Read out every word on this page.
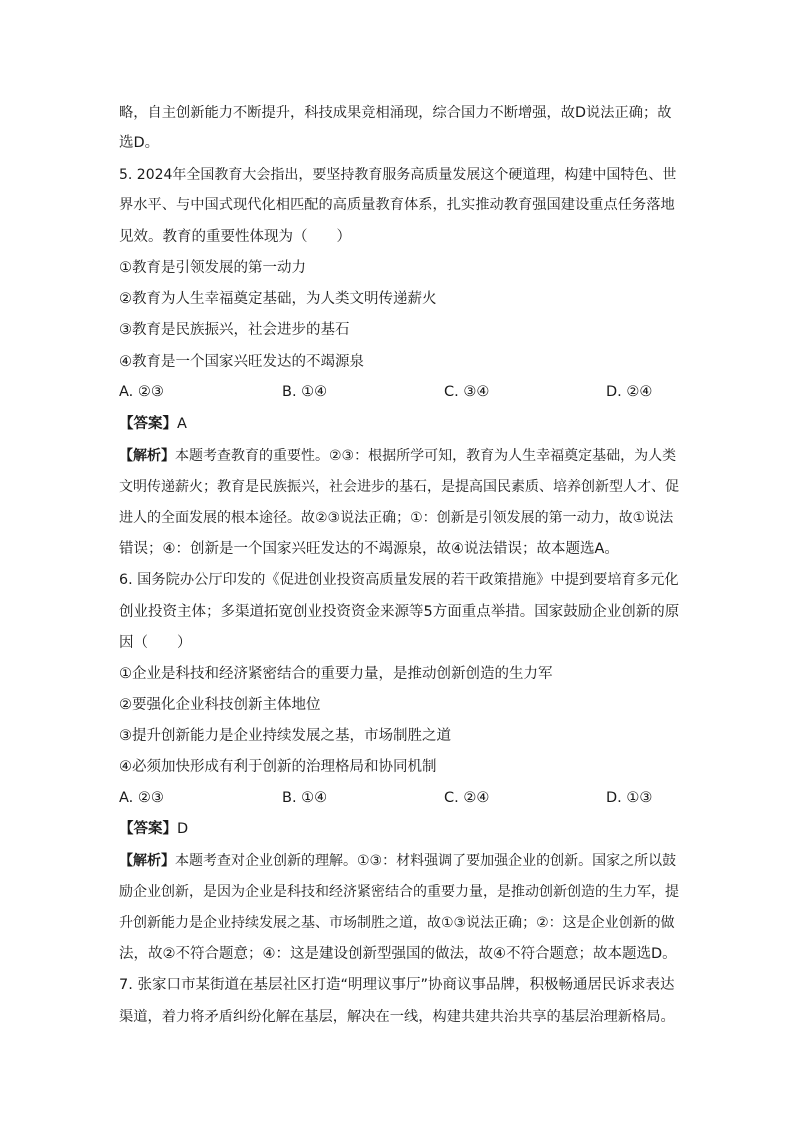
略，自主创新能力不断提升，科技成果竞相涌现，综合国力不断增强，故D说法正确；故
选D。
5. 2024年全国教育大会指出，要坚持教育服务高质量发展这个硬道理，构建中国特色、世
界水平、与中国式现代化相匹配的高质量教育体系，扎实推动教育强国建设重点任务落地
见效。教育的重要性体现为（　　）
①教育是引领发展的第一动力
②教育为人生幸福奠定基础，为人类文明传递薪火
③教育是民族振兴，社会进步的基石
④教育是一个国家兴旺发达的不竭源泉
A. ②③	B. ①④	C. ③④	D. ②④
【答案】A
【解析】本题考查教育的重要性。②③：根据所学可知，教育为人生幸福奠定基础，为人类
文明传递薪火；教育是民族振兴，社会进步的基石，是提高国民素质、培养创新型人才、促
进人的全面发展的根本途径。故②③说法正确；①：创新是引领发展的第一动力，故①说法
错误；④：创新是一个国家兴旺发达的不竭源泉，故④说法错误；故本题选A。
6. 国务院办公厅印发的《促进创业投资高质量发展的若干政策措施》中提到要培育多元化
创业投资主体；多渠道拓宽创业投资资金来源等5方面重点举措。国家鼓励企业创新的原
因（　　）
①企业是科技和经济紧密结合的重要力量，是推动创新创造的生力军
②要强化企业科技创新主体地位
③提升创新能力是企业持续发展之基，市场制胜之道
④必须加快形成有利于创新的治理格局和协同机制
A. ②③	B. ①④	C. ②④	D. ①③
【答案】D
【解析】本题考查对企业创新的理解。①③：材料强调了要加强企业的创新。国家之所以鼓
励企业创新，是因为企业是科技和经济紧密结合的重要力量，是推动创新创造的生力军，提
升创新能力是企业持续发展之基、市场制胜之道，故①③说法正确；②：这是企业创新的做
法，故②不符合题意；④：这是建设创新型强国的做法，故④不符合题意；故本题选D。
7. 张家口市某街道在基层社区打造“明理议事厅”协商议事品牌，积极畅通居民诉求表达
渠道，着力将矛盾纠纷化解在基层，解决在一线，构建共建共治共享的基层治理新格局。
